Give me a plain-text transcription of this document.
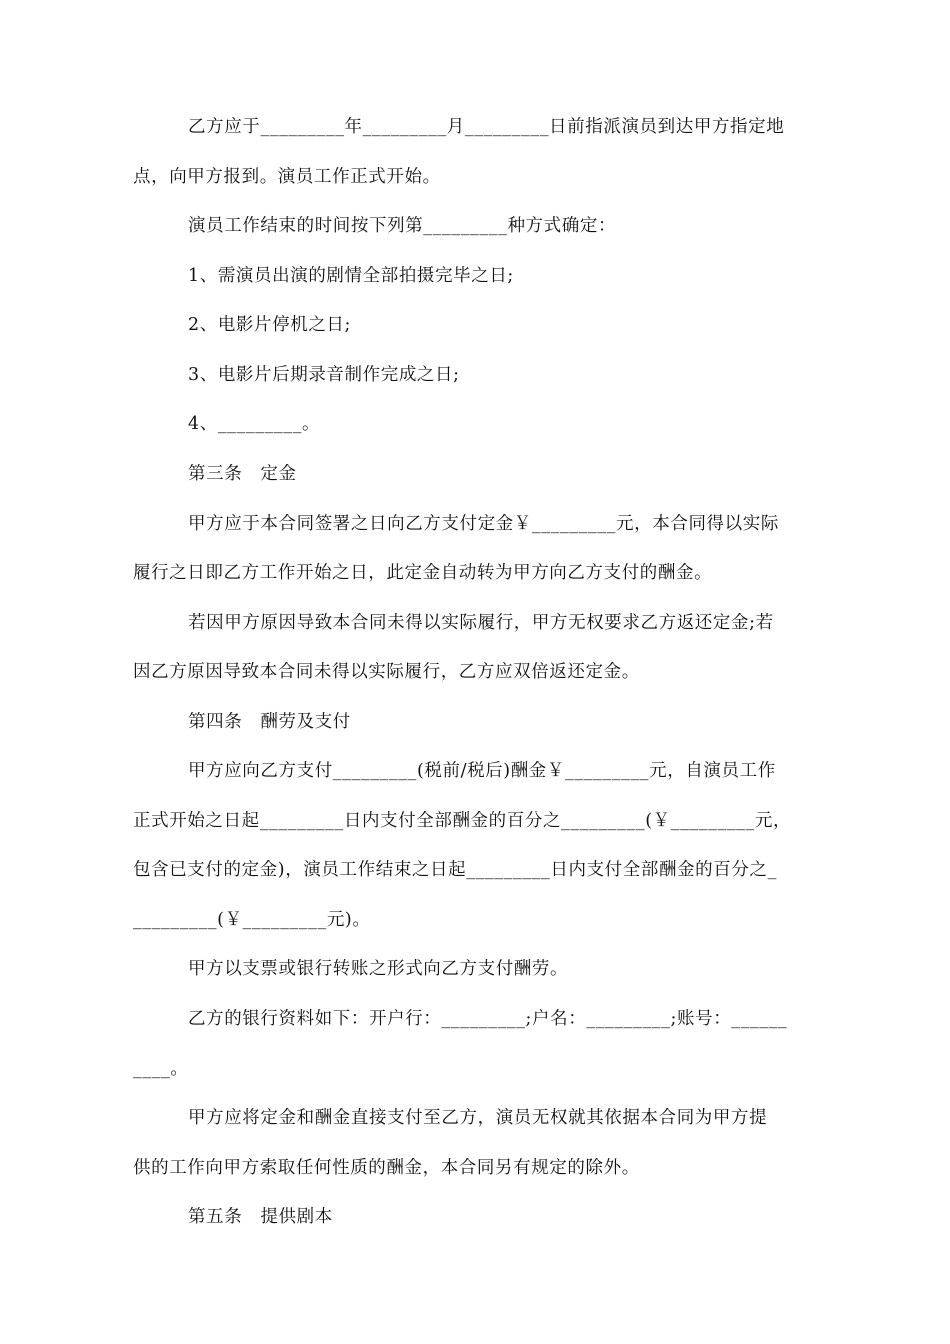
乙方应于_________年_________月_________日前指派演员到达甲方指定地
点，向甲方报到。演员工作正式开始。
演员工作结束的时间按下列第_________种方式确定：
1、需演员出演的剧情全部拍摄完毕之日;
2、电影片停机之日;
3、电影片后期录音制作完成之日;
4、_________。
第三条　定金
甲方应于本合同签署之日向乙方支付定金￥_________元，本合同得以实际
履行之日即乙方工作开始之日，此定金自动转为甲方向乙方支付的酬金。
若因甲方原因导致本合同未得以实际履行，甲方无权要求乙方返还定金;若
因乙方原因导致本合同未得以实际履行，乙方应双倍返还定金。
第四条　酬劳及支付
甲方应向乙方支付_________(税前/税后)酬金￥_________元，自演员工作
正式开始之日起_________日内支付全部酬金的百分之_________(￥_________元，
包含已支付的定金)，演员工作结束之日起_________日内支付全部酬金的百分之_
_________(￥_________元)。
甲方以支票或银行转账之形式向乙方支付酬劳。
乙方的银行资料如下：开户行：_________;户名：_________;账号：______
____。
甲方应将定金和酬金直接支付至乙方，演员无权就其依据本合同为甲方提
供的工作向甲方索取任何性质的酬金，本合同另有规定的除外。
第五条　提供剧本
